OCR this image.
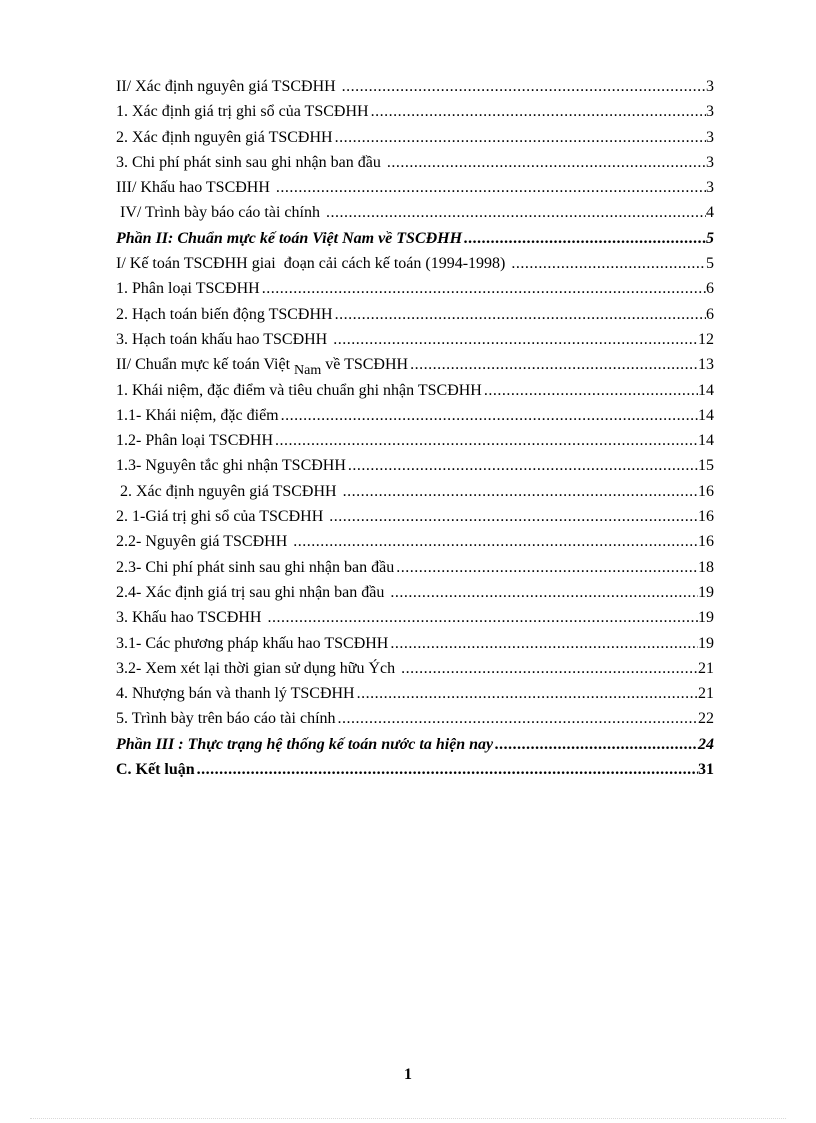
II/ Xác định nguyên giá TSCĐHH .....	3
1. Xác định giá trị ghi sổ của TSCĐHH .....	3
2. Xác định nguyên giá TSCĐHH .....	3
3. Chi phí phát sinh sau ghi nhận ban đầu .....	3
III/ Khấu hao TSCĐHH .....	3
IV/ Trình bày báo cáo tài chính .....	4
Phần II: Chuẩn mực kế toán Việt Nam về TSCĐHH .....	5
I/ Kế toán TSCĐHH giai  đoạn cải cách kế toán (1994-1998) .....	5
1. Phân loại TSCĐHH .....	6
2. Hạch toán biến động TSCĐHH .....	6
3. Hạch toán khấu hao TSCĐHH .....	12
II/ Chuẩn mực kế toán Việt Nam về TSCĐHH .....	13
1. Khái niệm, đặc điểm và tiêu chuẩn ghi nhận TSCĐHH .....	14
1.1- Khái niệm, đặc điểm .....	14
1.2- Phân loại TSCĐHH .....	14
1.3- Nguyên tắc ghi nhận TSCĐHH .....	15
2. Xác định nguyên giá TSCĐHH .....	16
2. 1-Giá trị ghi sổ của TSCĐHH .....	16
2.2- Nguyên giá TSCĐHH .....	16
2.3- Chi phí phát sinh sau ghi nhận ban đầu .....	18
2.4- Xác định giá trị sau ghi nhận ban đầu .....	19
3. Khấu hao TSCĐHH .....	19
3.1- Các phương pháp khấu hao TSCĐHH .....	19
3.2- Xem xét lại thời gian sử dụng hữu Ých .....	21
4. Nhượng bán và thanh lý TSCĐHH .....	21
5. Trình bày trên báo cáo tài chính .....	22
Phần III : Thực trạng hệ thống kế toán nước ta hiện nay .....	24
C. Kết luận .....	31
1
